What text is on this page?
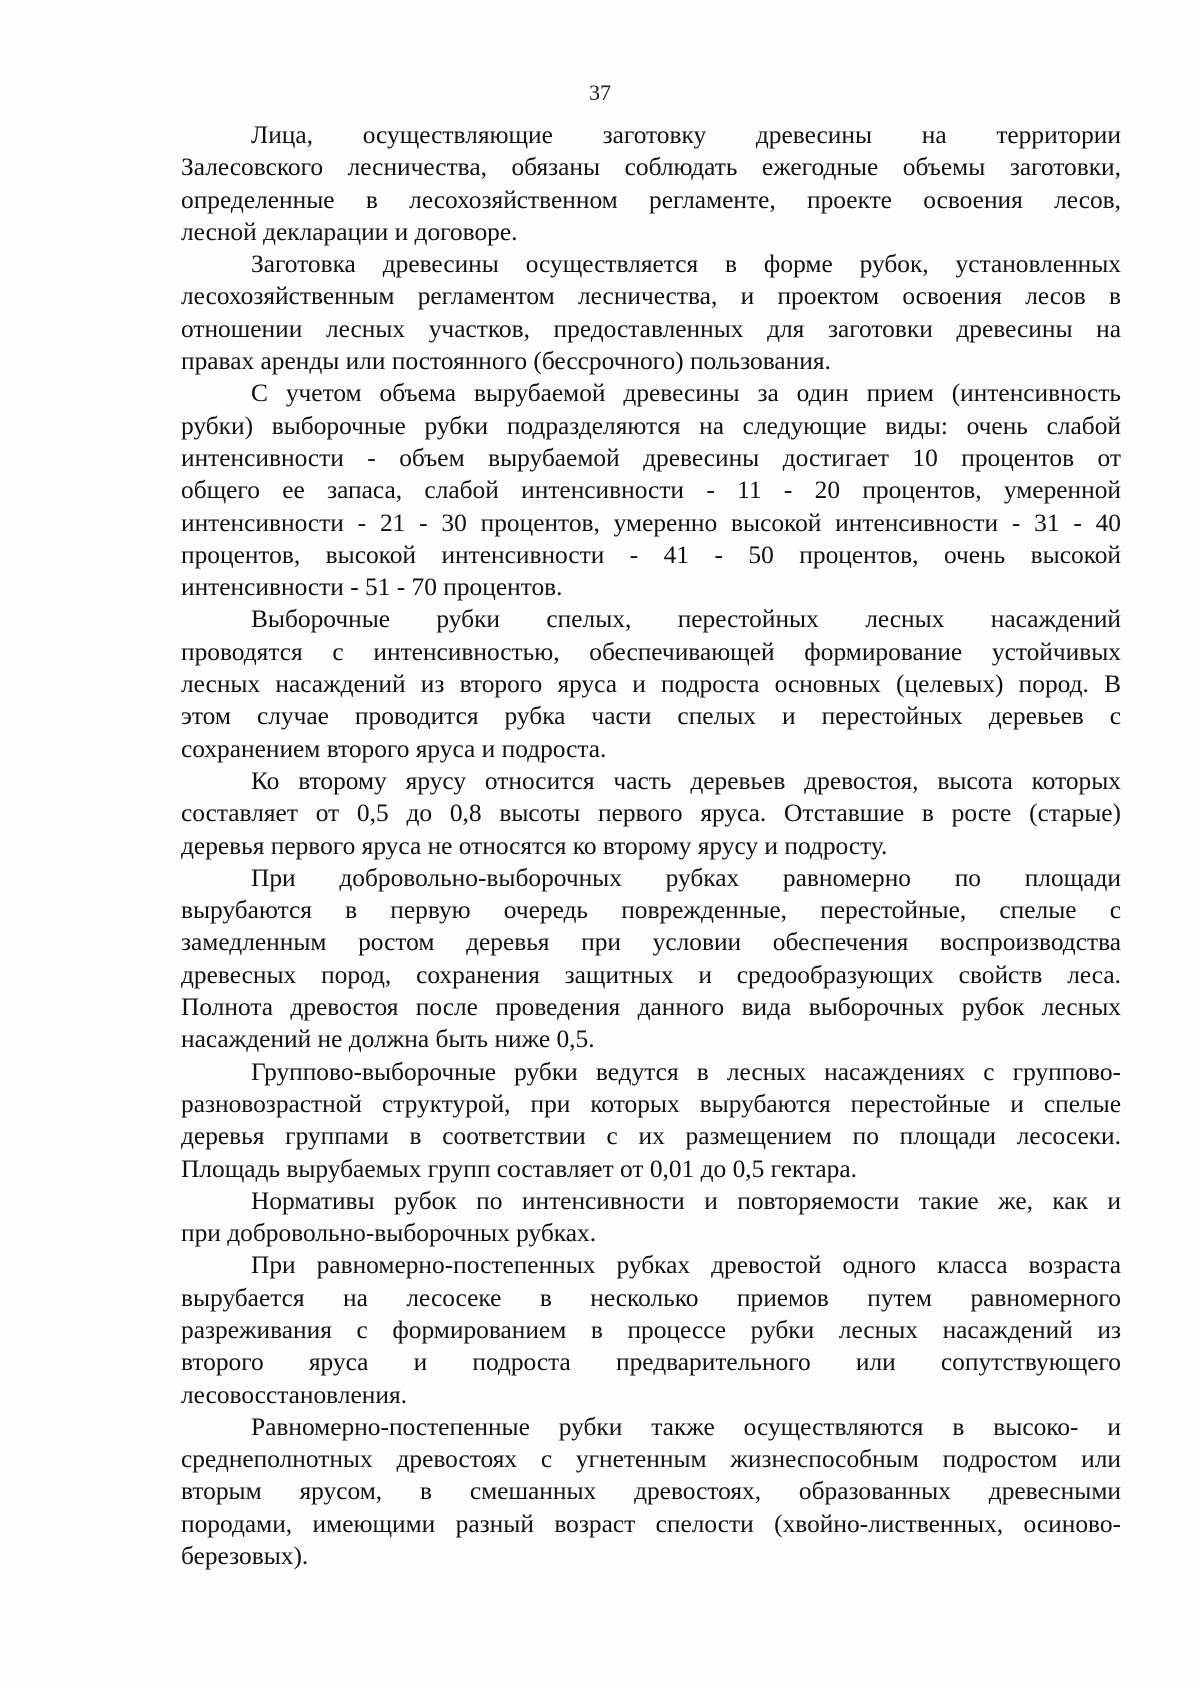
37
Лица, осуществляющие заготовку древесины на территории
Залесовского лесничества, обязаны соблюдать ежегодные объемы заготовки,
определенные в лесохозяйственном регламенте, проекте освоения лесов,
лесной декларации и договоре.
Заготовка древесины осуществляется в форме рубок, установленных
лесохозяйственным регламентом лесничества, и проектом освоения лесов в
отношении лесных участков, предоставленных для заготовки древесины на
правах аренды или постоянного (бессрочного) пользования.
С учетом объема вырубаемой древесины за один прием (интенсивность
рубки) выборочные рубки подразделяются на следующие виды: очень слабой
интенсивности - объем вырубаемой древесины достигает 10 процентов от
общего ее запаса, слабой интенсивности - 11 - 20 процентов, умеренной
интенсивности - 21 - 30 процентов, умеренно высокой интенсивности - 31 - 40
процентов, высокой интенсивности - 41 - 50 процентов, очень высокой
интенсивности - 51 - 70 процентов.
Выборочные рубки спелых, перестойных лесных насаждений
проводятся с интенсивностью, обеспечивающей формирование устойчивых
лесных насаждений из второго яруса и подроста основных (целевых) пород. В
этом случае проводится рубка части спелых и перестойных деревьев с
сохранением второго яруса и подроста.
Ко второму ярусу относится часть деревьев древостоя, высота которых
составляет от 0,5 до 0,8 высоты первого яруса. Отставшие в росте (старые)
деревья первого яруса не относятся ко второму ярусу и подросту.
При добровольно-выборочных рубках равномерно по площади
вырубаются в первую очередь поврежденные, перестойные, спелые с
замедленным ростом деревья при условии обеспечения воспроизводства
древесных пород, сохранения защитных и средообразующих свойств леса.
Полнота древостоя после проведения данного вида выборочных рубок лесных
насаждений не должна быть ниже 0,5.
Группово-выборочные рубки ведутся в лесных насаждениях с группово-
разновозрастной структурой, при которых вырубаются перестойные и спелые
деревья группами в соответствии с их размещением по площади лесосеки.
Площадь вырубаемых групп составляет от 0,01 до 0,5 гектара.
Нормативы рубок по интенсивности и повторяемости такие же, как и
при добровольно-выборочных рубках.
При равномерно-постепенных рубках древостой одного класса возраста
вырубается на лесосеке в несколько приемов путем равномерного
разреживания с формированием в процессе рубки лесных насаждений из
второго яруса и подроста предварительного или сопутствующего
лесовосстановления.
Равномерно-постепенные рубки также осуществляются в высоко- и
среднеполнотных древостоях с угнетенным жизнеспособным подростом или
вторым ярусом, в смешанных древостоях, образованных древесными
породами, имеющими разный возраст спелости (хвойно-лиственных, осиново-
березовых).
